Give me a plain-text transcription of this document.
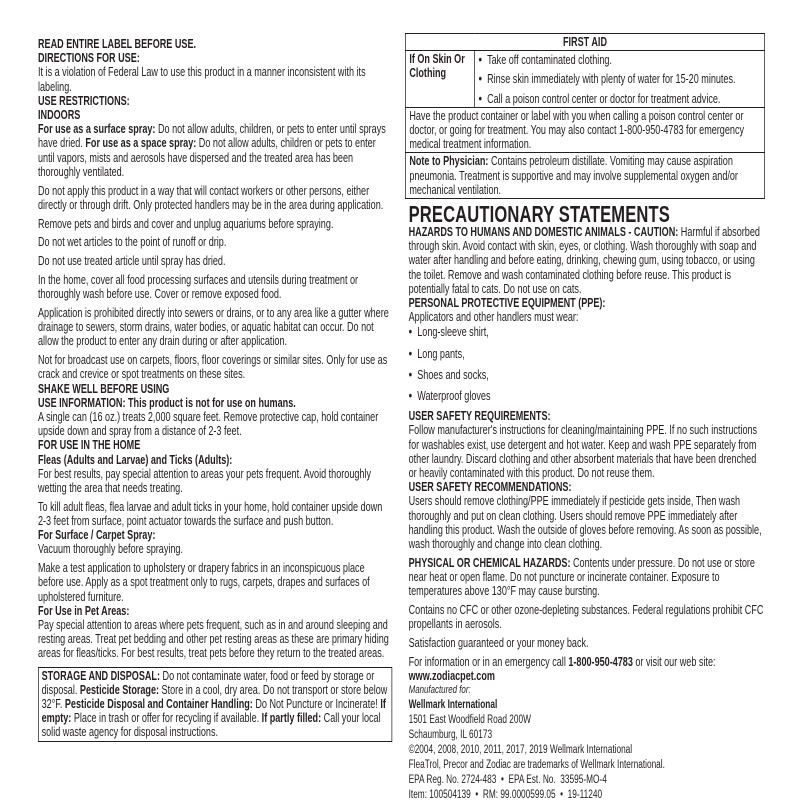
READ ENTIRE LABEL BEFORE USE.
DIRECTIONS FOR USE:
It is a violation of Federal Law to use this product in a manner inconsistent with its labeling.
USE RESTRICTIONS:
INDOORS
For use as a surface spray: Do not allow adults, children, or pets to enter until sprays have dried. For use as a space spray: Do not allow adults, children or pets to enter until vapors, mists and aerosols have dispersed and the treated area has been thoroughly ventilated.
Do not apply this product in a way that will contact workers or other persons, either directly or through drift. Only protected handlers may be in the area during application.
Remove pets and birds and cover and unplug aquariums before spraying.
Do not wet articles to the point of runoff or drip.
Do not use treated article until spray has dried.
In the home, cover all food processing surfaces and utensils during treatment or thoroughly wash before use. Cover or remove exposed food.
Application is prohibited directly into sewers or drains, or to any area like a gutter where drainage to sewers, storm drains, water bodies, or aquatic habitat can occur. Do not allow the product to enter any drain during or after application.
Not for broadcast use on carpets, floors, floor coverings or similar sites. Only for use as crack and crevice or spot treatments on these sites.
SHAKE WELL BEFORE USING
USE INFORMATION: This product is not for use on humans.
A single can (16 oz.) treats 2,000 square feet. Remove protective cap, hold container upside down and spray from a distance of 2-3 feet.
FOR USE IN THE HOME
Fleas (Adults and Larvae) and Ticks (Adults):
For best results, pay special attention to areas your pets frequent. Avoid thoroughly wetting the area that needs treating.
To kill adult fleas, flea larvae and adult ticks in your home, hold container upside down 2-3 feet from surface, point actuator towards the surface and push button.
For Surface / Carpet Spray:
Vacuum thoroughly before spraying.
Make a test application to upholstery or drapery fabrics in an inconspicuous place before use. Apply as a spot treatment only to rugs, carpets, drapes and surfaces of upholstered furniture.
For Use in Pet Areas:
Pay special attention to areas where pets frequent, such as in and around sleeping and resting areas. Treat pet bedding and other pet resting areas as these are primary hiding areas for fleas/ticks. For best results, treat pets before they return to the treated areas.
STORAGE AND DISPOSAL: Do not contaminate water, food or feed by storage or disposal. Pesticide Storage: Store in a cool, dry area. Do not transport or store below 32°F. Pesticide Disposal and Container Handling: Do Not Puncture or Incinerate! If empty: Place in trash or offer for recycling if available. If partly filled: Call your local solid waste agency for disposal instructions.
FIRST AID
If On Skin Or Clothing	
• Take off contaminated clothing.
• Rinse skin immediately with plenty of water for 15-20 minutes.
• Call a poison control center or doctor for treatment advice.

Have the product container or label with you when calling a poison control center or doctor, or going for treatment. You may also contact 1-800-950-4783 for emergency medical treatment information.
Note to Physician: Contains petroleum distillate. Vomiting may cause aspiration pneumonia. Treatment is supportive and may involve supplemental oxygen and/or mechanical ventilation.
PRECAUTIONARY STATEMENTS
HAZARDS TO HUMANS AND DOMESTIC ANIMALS - CAUTION: Harmful if absorbed through skin. Avoid contact with skin, eyes, or clothing. Wash thoroughly with soap and water after handling and before eating, drinking, chewing gum, using tobacco, or using the toilet. Remove and wash contaminated clothing before reuse. This product is potentially fatal to cats. Do not use on cats.
PERSONAL PROTECTIVE EQUIPMENT (PPE):
Applicators and other handlers must wear:
• Long-sleeve shirt,
• Long pants,
• Shoes and socks,
• Waterproof gloves
USER SAFETY REQUIREMENTS:
Follow manufacturer's instructions for cleaning/maintaining PPE. If no such instructions for washables exist, use detergent and hot water. Keep and wash PPE separately from other laundry. Discard clothing and other absorbent materials that have been drenched or heavily contaminated with this product. Do not reuse them.
USER SAFETY RECOMMENDATIONS:
Users should remove clothing/PPE immediately if pesticide gets inside, Then wash thoroughly and put on clean clothing. Users should remove PPE immediately after handling this product. Wash the outside of gloves before removing. As soon as possible, wash thoroughly and change into clean clothing.
PHYSICAL OR CHEMICAL HAZARDS: Contents under pressure. Do not use or store near heat or open flame. Do not puncture or incinerate container. Exposure to temperatures above 130°F may cause bursting.
Contains no CFC or other ozone-depleting substances. Federal regulations prohibit CFC propellants in aerosols.
Satisfaction guaranteed or your money back.
For information or in an emergency call 1-800-950-4783 or visit our web site:
www.zodiacpet.com
Manufactured for:
Wellmark International
1501 East Woodfield Road 200W
Schaumburg, IL 60173
©2004, 2008, 2010, 2011, 2017, 2019 Wellmark International
FleaTrol, Precor and Zodiac are trademarks of Wellmark International.
EPA Reg. No. 2724-483  •  EPA Est. No.  33595-MO-4
Item: 100504139  •  RM: 99.0000599.05  •  19-11240
